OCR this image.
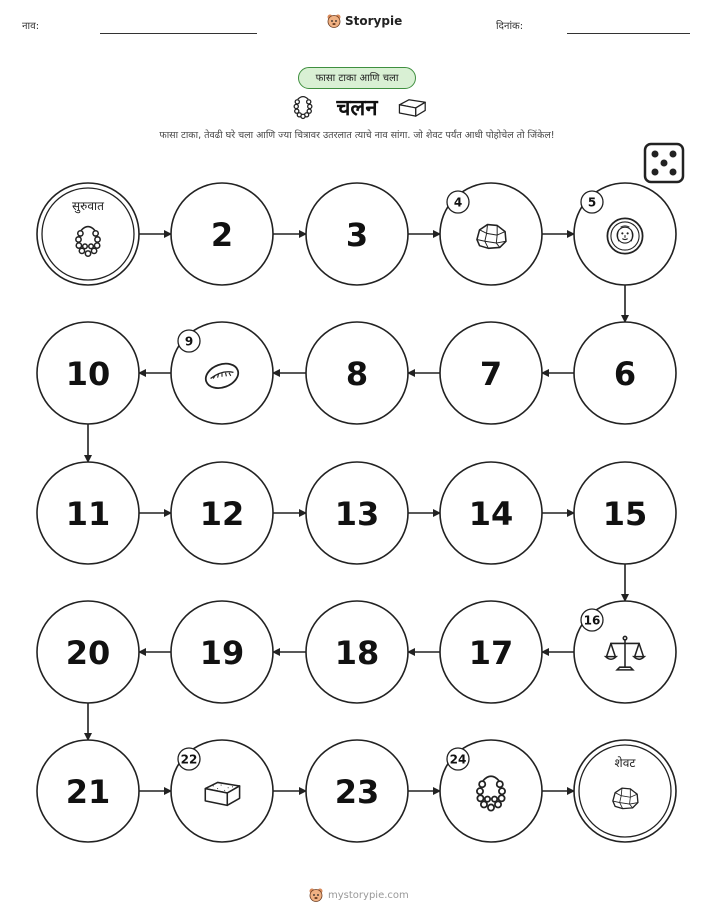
नाव:	Storypie	दिनांक:
फासा टाका आणि चला
चलन
फासा टाका, तेवढी घरे चला आणि ज्या चित्रावर उतरलात त्याचे नाव सांगा. जो शेवट पर्यंत आधी पोहोचेल तो जिंकेल!
सुरुवात
2	3
4	5
6
7
8
9
10
11	12	13	14	15
16
17
18
19
20
21
22
23
24	शेवट
mystorypie.com
